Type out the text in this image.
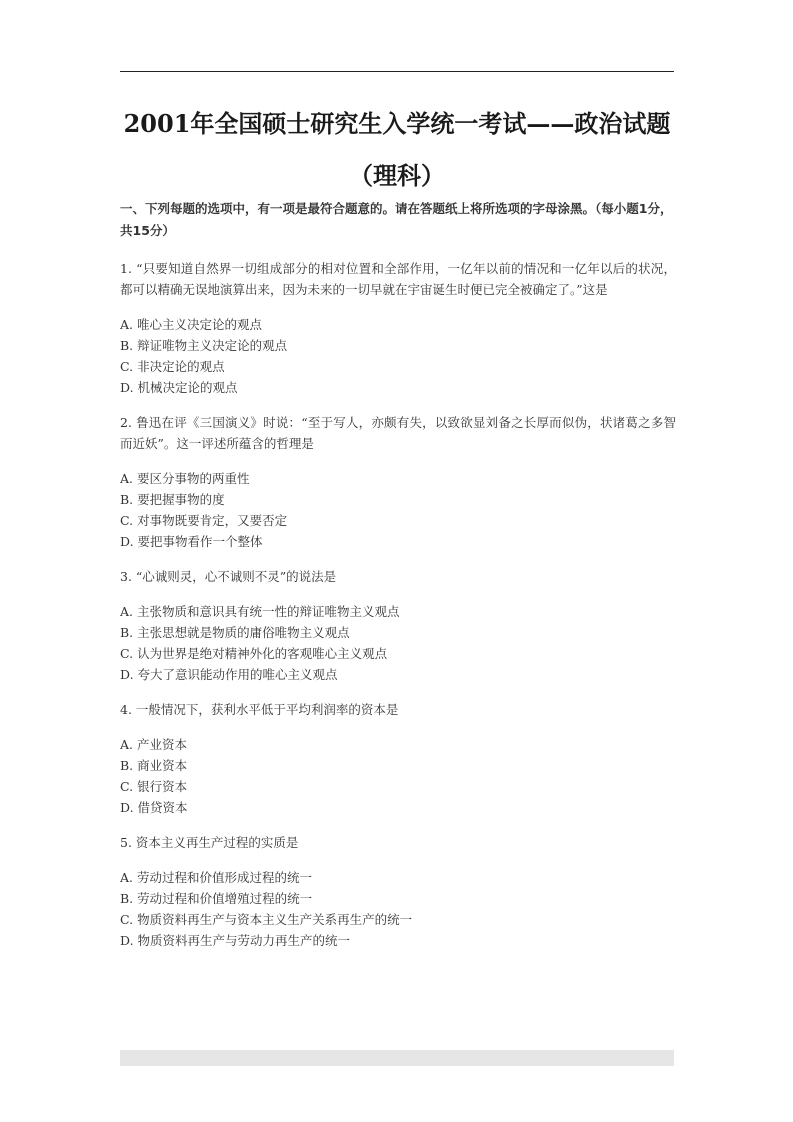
2001年全国硕士研究生入学统一考试——政治试题
（理科）
一、下列每题的选项中，有一项是最符合题意的。请在答题纸上将所选项的字母涂黑。（每小题1分，共15分）
1. “只要知道自然界一切组成部分的相对位置和全部作用，一亿年以前的情况和一亿年以后的状况，都可以精确无误地演算出来，因为未来的一切早就在宇宙诞生时便已完全被确定了。”这是
A. 唯心主义决定论的观点
B. 辩证唯物主义决定论的观点
C. 非决定论的观点
D. 机械决定论的观点
2. 鲁迅在评《三国演义》时说：“至于写人，亦颇有失，以致欲显刘备之长厚而似伪，状诸葛之多智而近妖”。这一评述所蕴含的哲理是
A. 要区分事物的两重性
B. 要把握事物的度
C. 对事物既要肯定，又要否定
D. 要把事物看作一个整体
3. “心诚则灵，心不诚则不灵”的说法是
A. 主张物质和意识具有统一性的辩证唯物主义观点
B. 主张思想就是物质的庸俗唯物主义观点
C. 认为世界是绝对精神外化的客观唯心主义观点
D. 夸大了意识能动作用的唯心主义观点
4. 一般情况下，获利水平低于平均利润率的资本是
A. 产业资本
B. 商业资本
C. 银行资本
D. 借贷资本
5. 资本主义再生产过程的实质是
A. 劳动过程和价值形成过程的统一
B. 劳动过程和价值增殖过程的统一
C. 物质资料再生产与资本主义生产关系再生产的统一
D. 物质资料再生产与劳动力再生产的统一
